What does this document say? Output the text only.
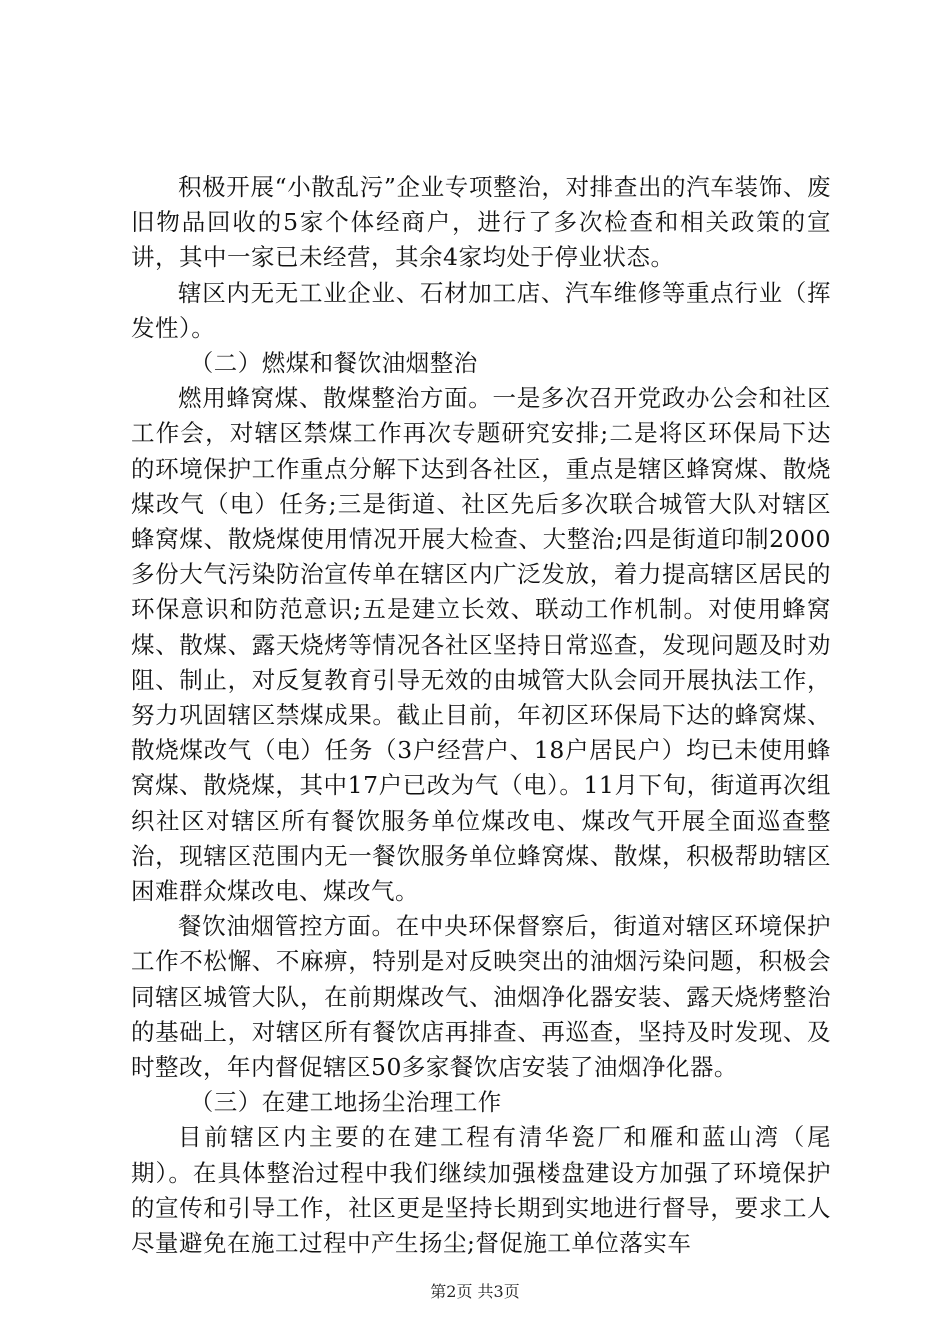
积极开展“小散乱污”企业专项整治，对排查出的汽车装饰、废旧物品回收的5家个体经商户，进行了多次检查和相关政策的宣讲，其中一家已未经营，其余4家均处于停业状态。

辖区内无无工业企业、石材加工店、汽车维修等重点行业（挥发性）。

（二）燃煤和餐饮油烟整治

燃用蜂窝煤、散煤整治方面。一是多次召开党政办公会和社区工作会，对辖区禁煤工作再次专题研究安排;二是将区环保局下达的环境保护工作重点分解下达到各社区，重点是辖区蜂窝煤、散烧煤改气（电）任务;三是街道、社区先后多次联合城管大队对辖区蜂窝煤、散烧煤使用情况开展大检查、大整治;四是街道印制2000多份大气污染防治宣传单在辖区内广泛发放，着力提高辖区居民的环保意识和防范意识;五是建立长效、联动工作机制。对使用蜂窝煤、散煤、露天烧烤等情况各社区坚持日常巡查，发现问题及时劝阻、制止，对反复教育引导无效的由城管大队会同开展执法工作，努力巩固辖区禁煤成果。截止目前，年初区环保局下达的蜂窝煤、散烧煤改气（电）任务（3户经营户、18户居民户）均已未使用蜂窝煤、散烧煤，其中17户已改为气（电）。11月下旬，街道再次组织社区对辖区所有餐饮服务单位煤改电、煤改气开展全面巡查整治，现辖区范围内无一餐饮服务单位蜂窝煤、散煤，积极帮助辖区困难群众煤改电、煤改气。

餐饮油烟管控方面。在中央环保督察后，街道对辖区环境保护工作不松懈、不麻痹，特别是对反映突出的油烟污染问题，积极会同辖区城管大队，在前期煤改气、油烟净化器安装、露天烧烤整治的基础上，对辖区所有餐饮店再排查、再巡查，坚持及时发现、及时整改，年内督促辖区50多家餐饮店安装了油烟净化器。

（三）在建工地扬尘治理工作

目前辖区内主要的在建工程有清华瓷厂和雁和蓝山湾（尾期）。在具体整治过程中我们继续加强楼盘建设方加强了环境保护的宣传和引导工作，社区更是坚持长期到实地进行督导，要求工人尽量避免在施工过程中产生扬尘;督促施工单位落实车

第2页 共3页
